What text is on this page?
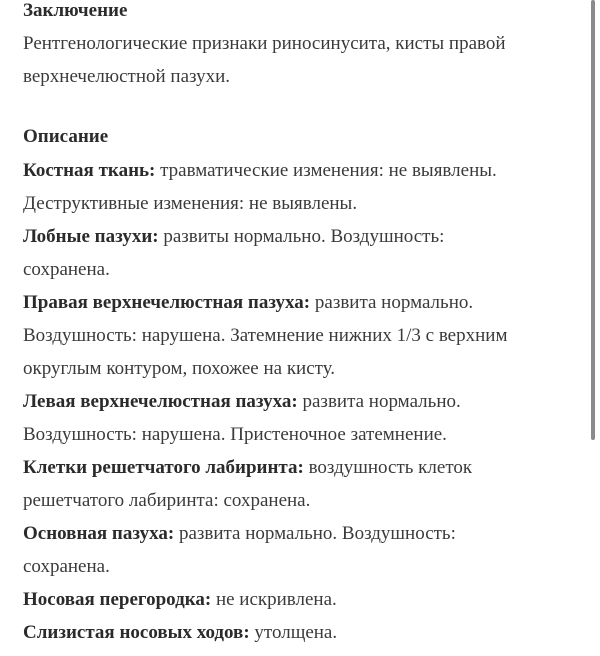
Заключение

Рентгенологические признаки риносинусита, кисты правой верхнечелюстной пазухи.

Описание

Костная ткань: травматические изменения: не выявлены. Деструктивные изменения: не выявлены.

Лобные пазухи: развиты нормально. Воздушность: сохранена.

Правая верхнечелюстная пазуха: развита нормально. Воздушность: нарушена. Затемнение нижних 1/3 с верхним округлым контуром, похожее на кисту.

Левая верхнечелюстная пазуха: развита нормально. Воздушность: нарушена. Пристеночное затемнение.

Клетки решетчатого лабиринта: воздушность клеток решетчатого лабиринта: сохранена.

Основная пазуха: развита нормально. Воздушность: сохранена.

Носовая перегородка: не искривлена.

Слизистая носовых ходов: утолщена.
